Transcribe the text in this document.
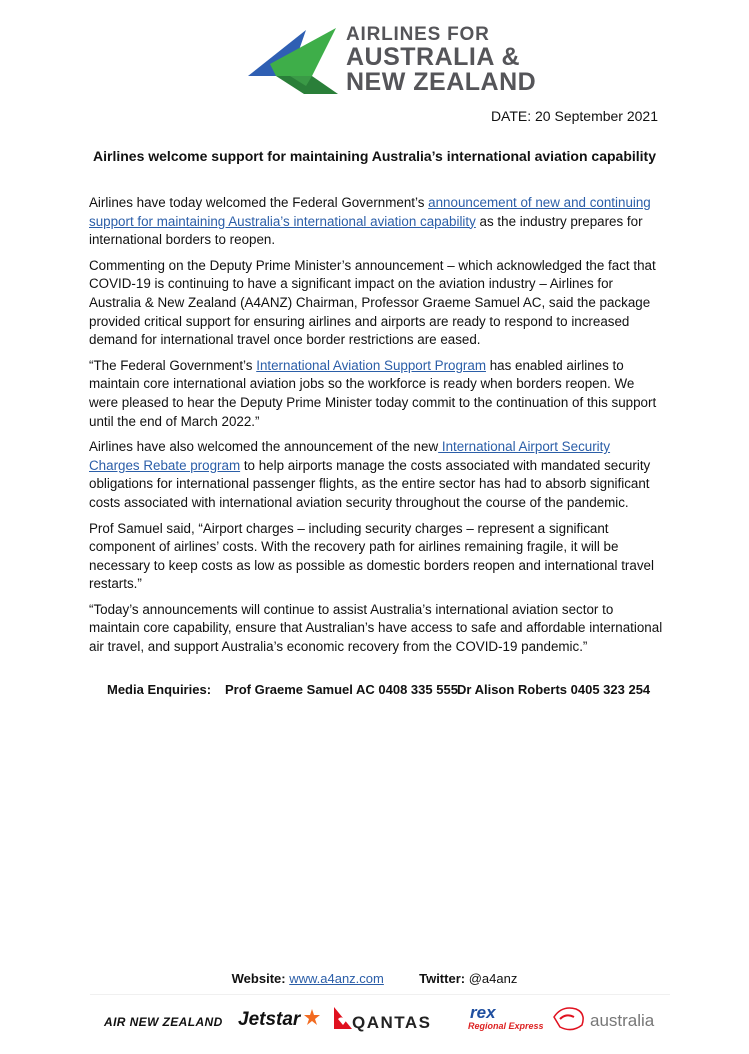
AIRLINES FOR
AUSTRALIA &
NEW ZEALAND
DATE: 20 September 2021
Airlines welcome support for maintaining Australia’s international aviation capability

Airlines have today welcomed the Federal Government’s announcement of new and continuing support for maintaining Australia’s international aviation capability as the industry prepares for international borders to reopen.

Commenting on the Deputy Prime Minister’s announcement – which acknowledged the fact that COVID-19 is continuing to have a significant impact on the aviation industry – Airlines for Australia & New Zealand (A4ANZ) Chairman, Professor Graeme Samuel AC, said the package provided critical support for ensuring airlines and airports are ready to respond to increased demand for international travel once border restrictions are eased.

“The Federal Government’s International Aviation Support Program has enabled airlines to maintain core international aviation jobs so the workforce is ready when borders reopen. We were pleased to hear the Deputy Prime Minister today commit to the continuation of this support until the end of March 2022.”

Airlines have also welcomed the announcement of the new International Airport Security Charges Rebate program to help airports manage the costs associated with mandated security obligations for international passenger flights, as the entire sector has had to absorb significant costs associated with international aviation security throughout the course of the pandemic.

Prof Samuel said, “Airport charges – including security charges – represent a significant component of airlines’ costs. With the recovery path for airlines remaining fragile, it will be necessary to keep costs as low as possible as domestic borders reopen and international travel restarts.”

“Today’s announcements will continue to assist Australia’s international aviation sector to maintain core capability, ensure that Australian’s have access to safe and affordable international air travel, and support Australia’s economic recovery from the COVID-19 pandemic.”

Media Enquiries: Prof Graeme Samuel AC 0408 335 555Dr Alison Roberts 0405 323 254
Website: www.a4anz.com	Twitter: @a4anz
AIR NEW ZEALAND Jetstar	QANTAS
rex
Regional Express	australia
